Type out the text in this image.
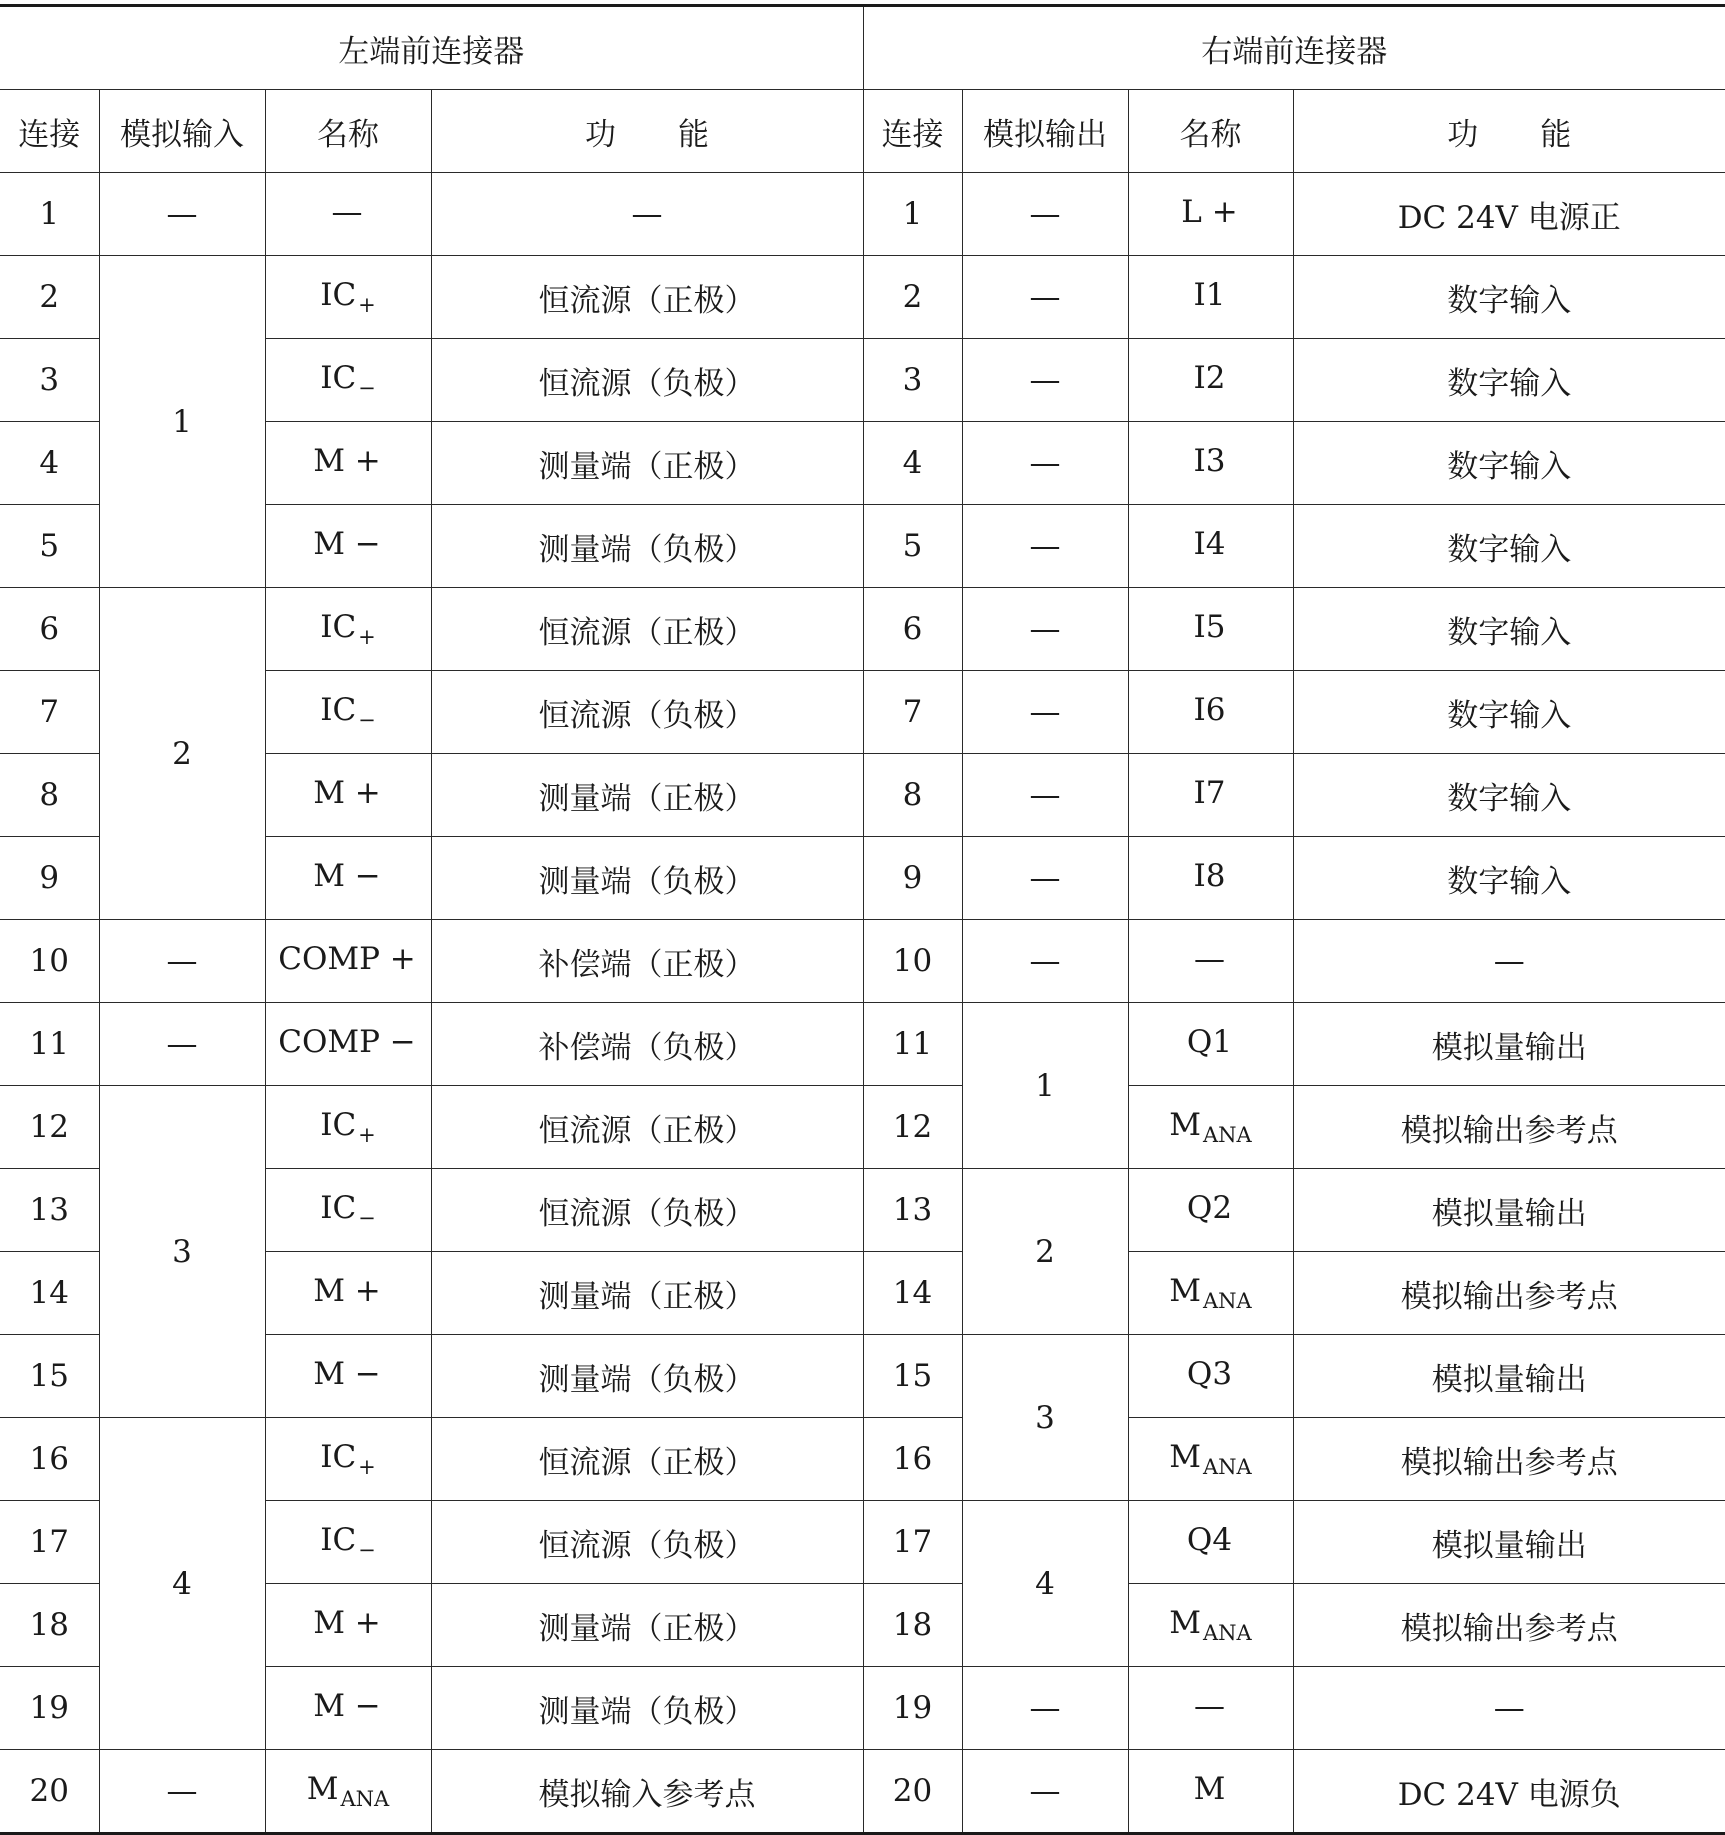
左端前连接器				右端前连接器			
连接	模拟输入	名称	功　　能	连接	模拟输出	名称	功　　能
1	—	—	—	1	—	L +	DC 24V 电源正
2	1	$IC_+$	恒流源（正极）	2	—	I1	数字输入
3		$IC_-$	恒流源（负极）	3	—	I2	数字输入
4		M +	测量端（正极）	4	—	I3	数字输入
5		M −	测量端（负极）	5	—	I4	数字输入
6	2	$IC_+$	恒流源（正极）	6	—	I5	数字输入
7		$IC_-$	恒流源（负极）	7	—	I6	数字输入
8		M +	测量端（正极）	8	—	I7	数字输入
9		M −	测量端（负极）	9	—	I8	数字输入
10	—	COMP +	补偿端（正极）	10	—	—	—
11	—	COMP −	补偿端（负极）	11	1	Q1	模拟量输出
12	3	$IC_+$	恒流源（正极）	12		$M_{ANA}$	模拟输出参考点
13		$IC_-$	恒流源（负极）	13	2	Q2	模拟量输出
14		M +	测量端（正极）	14		$M_{ANA}$	模拟输出参考点
15		M −	测量端（负极）	15	3	Q3	模拟量输出
16	4	$IC_+$	恒流源（正极）	16		$M_{ANA}$	模拟输出参考点
17		$IC_-$	恒流源（负极）	17	4	Q4	模拟量输出
18		M +	测量端（正极）	18		$M_{ANA}$	模拟输出参考点
19		M −	测量端（负极）	19	—	—	—
20	—	$M_{ANA}$	模拟输入参考点	20	—	M	DC 24V 电源负
